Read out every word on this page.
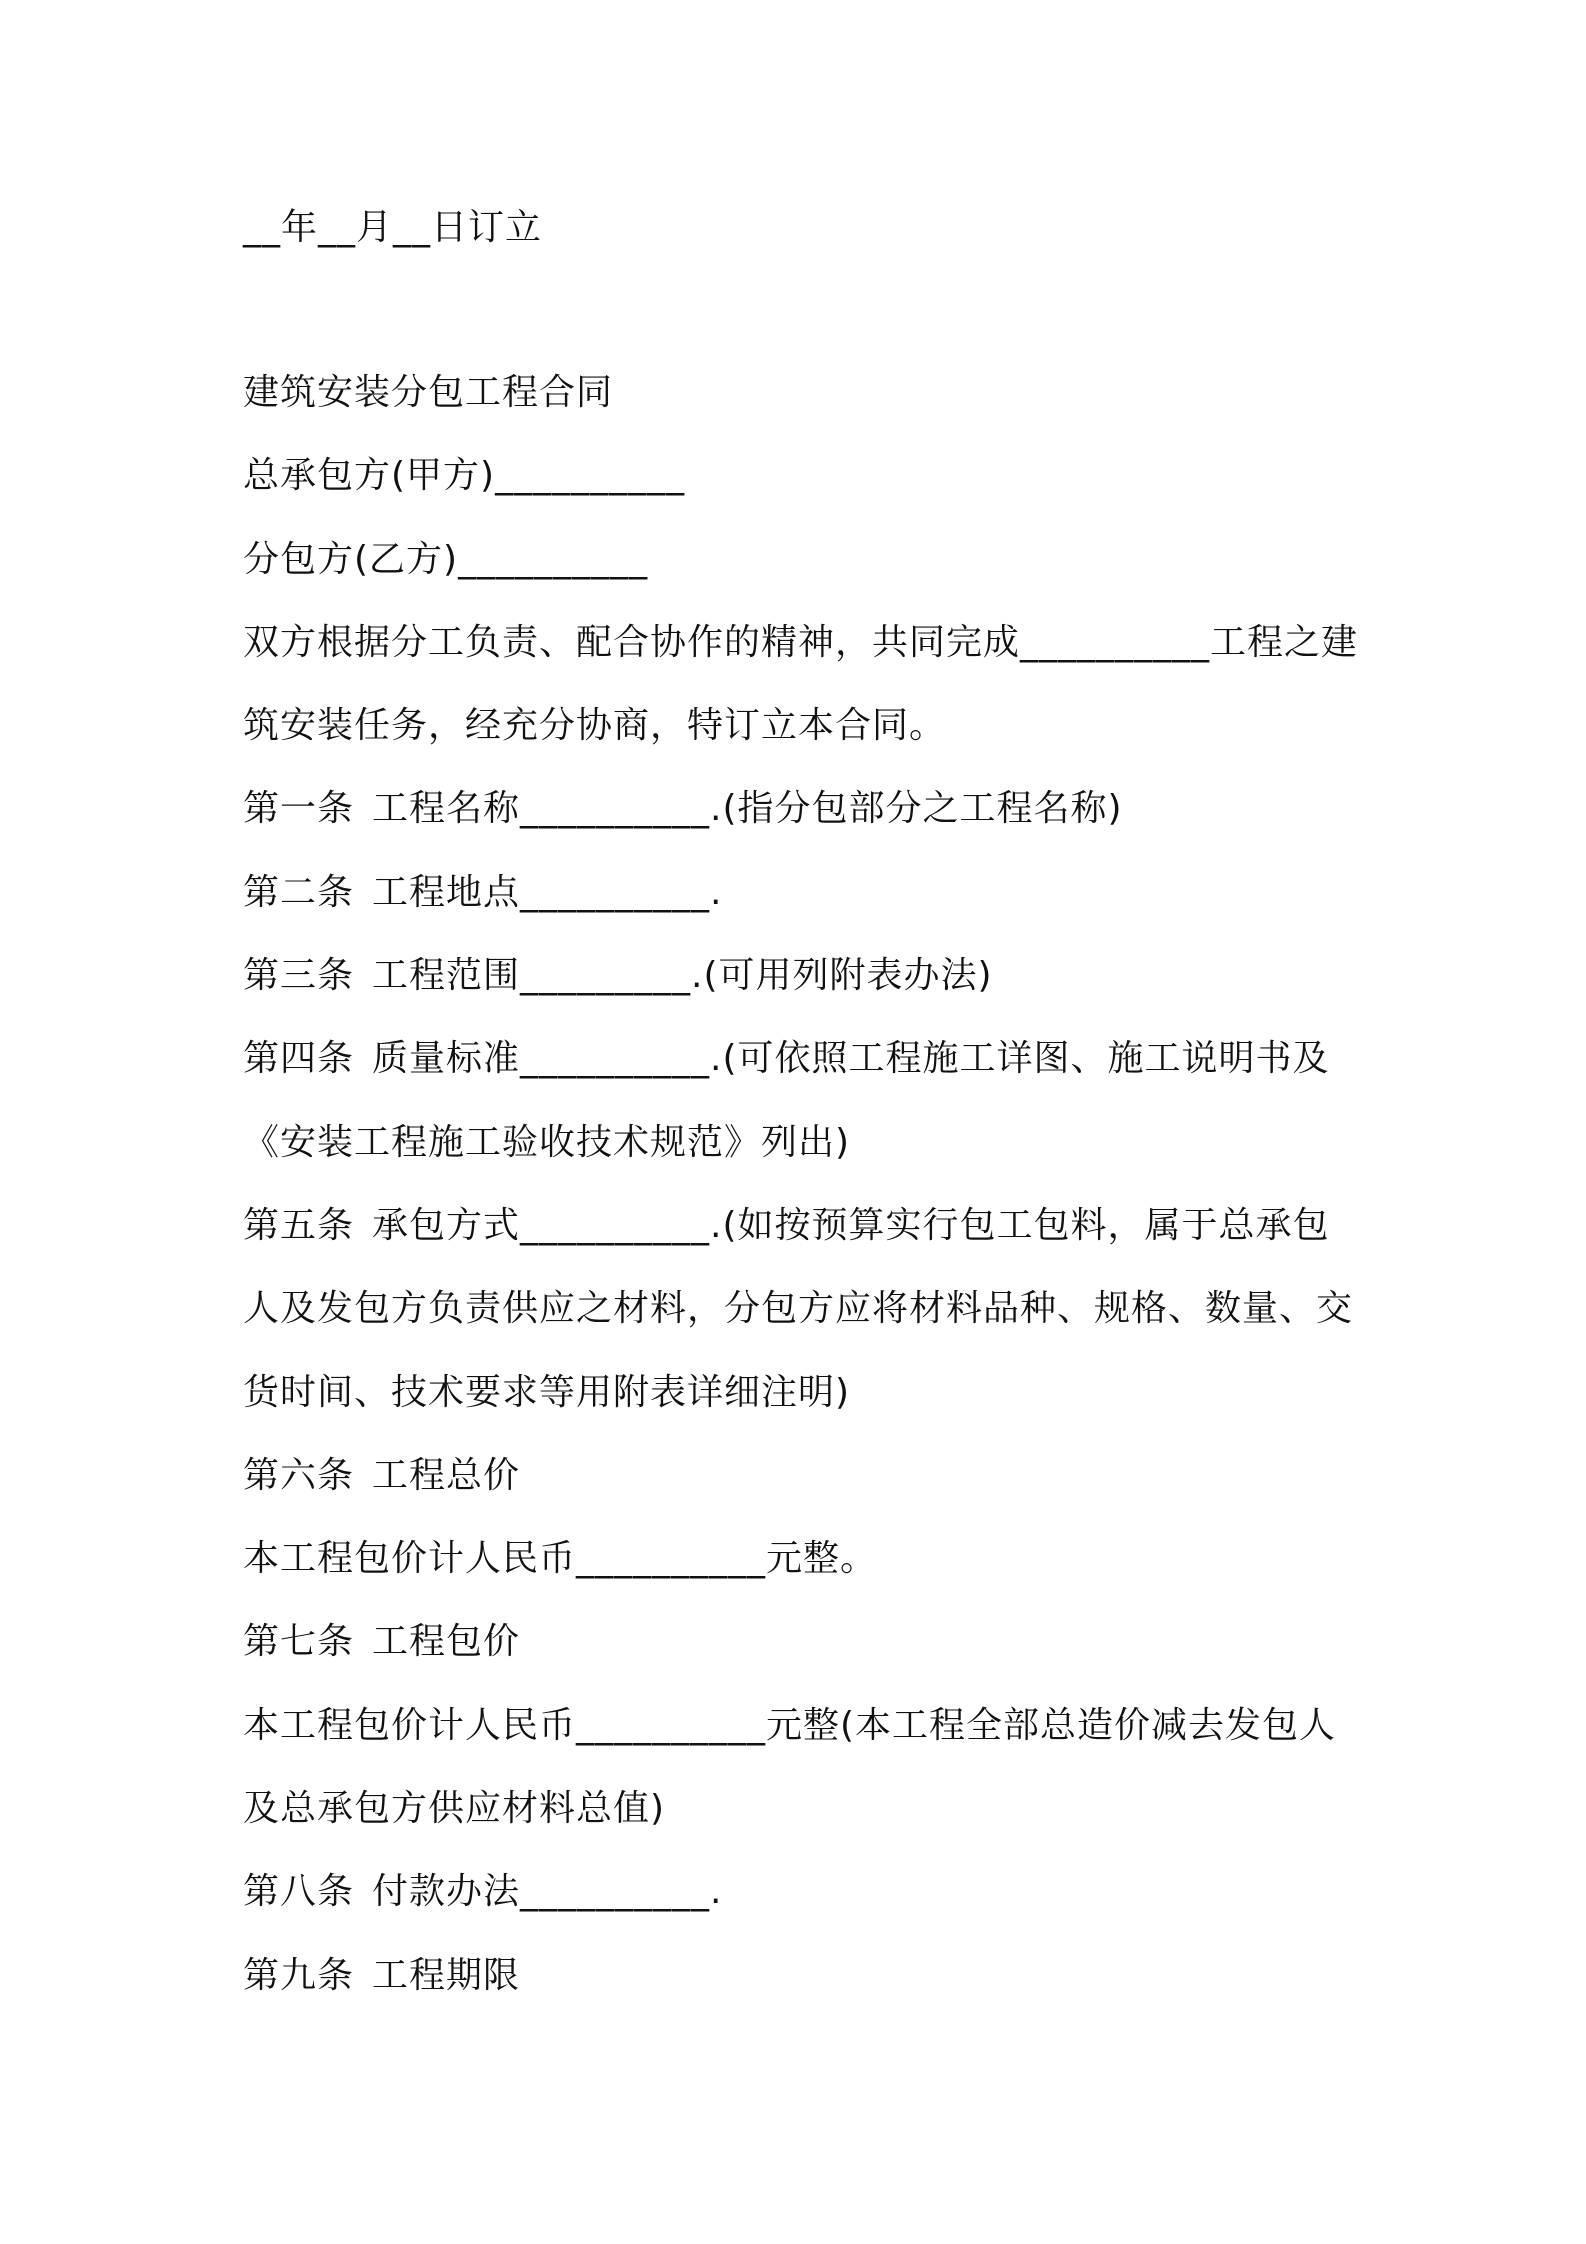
__年__月__日订立
建筑安装分包工程合同
总承包方(甲方)__________
分包方(乙方)__________
双方根据分工负责、配合协作的精神，共同完成__________工程之建
筑安装任务，经充分协商，特订立本合同。
第一条 工程名称__________.(指分包部分之工程名称)
第二条 工程地点__________.
第三条 工程范围_________.(可用列附表办法)
第四条 质量标准__________.(可依照工程施工详图、施工说明书及
《安装工程施工验收技术规范》列出)
第五条 承包方式__________.(如按预算实行包工包料，属于总承包
人及发包方负责供应之材料，分包方应将材料品种、规格、数量、交
货时间、技术要求等用附表详细注明)
第六条 工程总价
本工程包价计人民币__________元整。
第七条 工程包价
本工程包价计人民币__________元整(本工程全部总造价减去发包人
及总承包方供应材料总值)
第八条 付款办法__________.
第九条 工程期限
